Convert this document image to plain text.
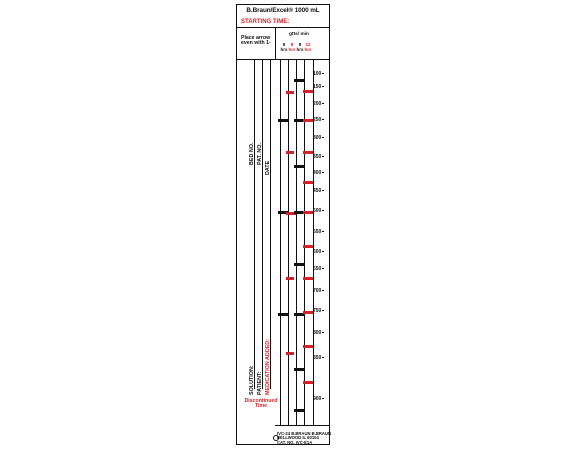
B.Braun/Excel® 1000 mL
STARTING TIME:
Place arrow even with 1-
gtts/ min
6
hrs
8
hrs
8
hrs
12
hrs
BED NO. PAT. NO.
DATE
SOLUTION: PATIENT: MEDICATION ADDED:
100
150
200
250
300
350
400
450
500
550
600
650
700
750
800
850
900
Discontinued Time
IVC-24 B.BRAUN B.BRAUN
BELLWOOD IL 60104
CAT. NO. IVC-E1A
